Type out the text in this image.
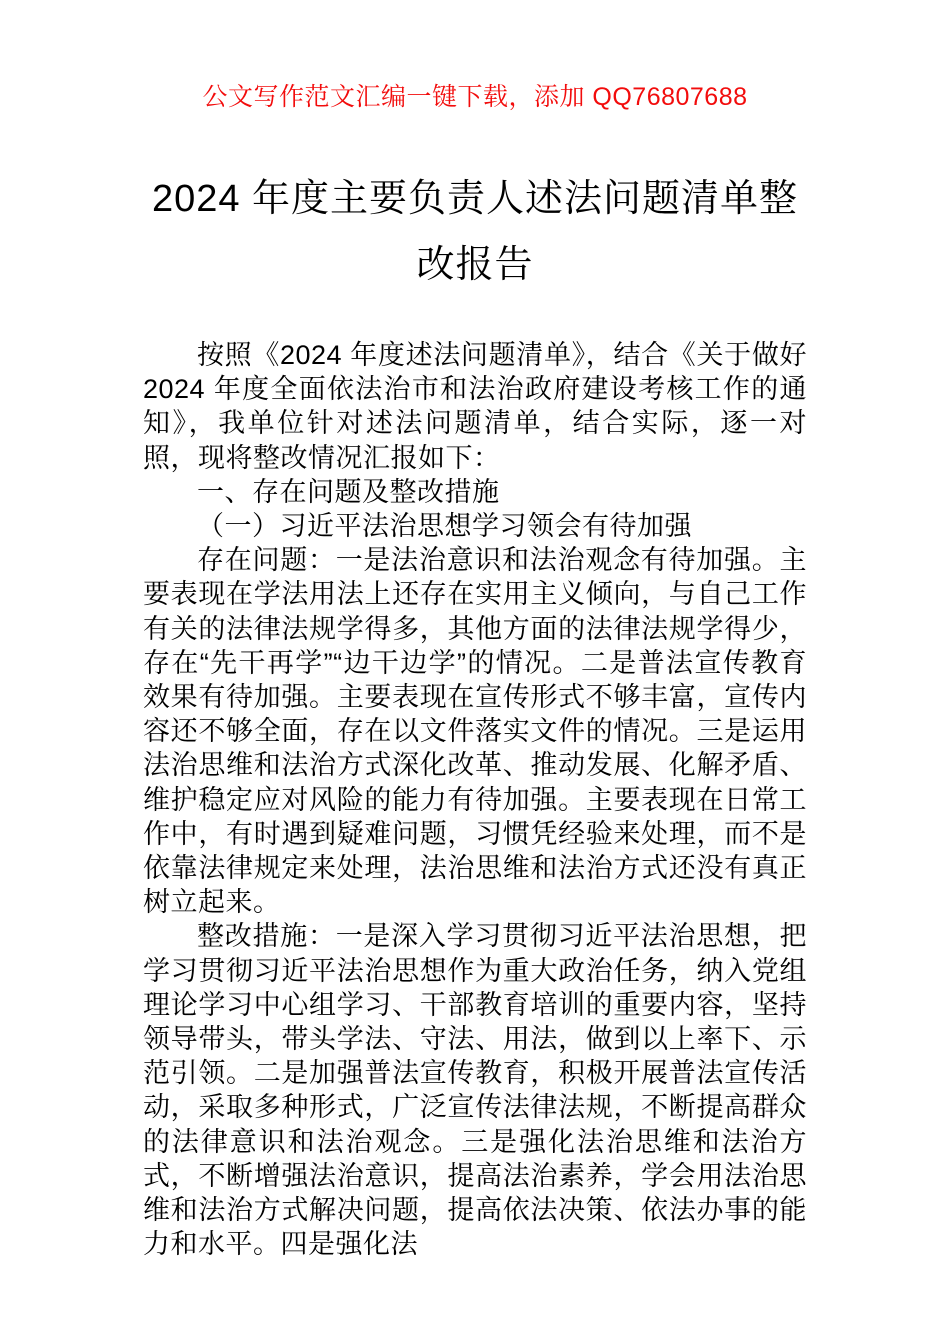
公文写作范文汇编一键下载，添加 QQ76807688
2024 年度主要负责人述法问题清单整改报告

按照《2024 年度述法问题清单》，结合《关于做好 2024 年度全面依法治市和法治政府建设考核工作的通知》，我单位针对述法问题清单，结合实际，逐一对照，现将整改情况汇报如下：

一、存在问题及整改措施

（一）习近平法治思想学习领会有待加强

存在问题：一是法治意识和法治观念有待加强。主要表现在学法用法上还存在实用主义倾向，与自己工作有关的法律法规学得多，其他方面的法律法规学得少，存在“先干再学”“边干边学”的情况。二是普法宣传教育效果有待加强。主要表现在宣传形式不够丰富，宣传内容还不够全面，存在以文件落实文件的情况。三是运用法治思维和法治方式深化改革、推动发展、化解矛盾、维护稳定应对风险的能力有待加强。主要表现在日常工作中，有时遇到疑难问题，习惯凭经验来处理，而不是依靠法律规定来处理，法治思维和法治方式还没有真正树立起来。

整改措施：一是深入学习贯彻习近平法治思想，把学习贯彻习近平法治思想作为重大政治任务，纳入党组理论学习中心组学习、干部教育培训的重要内容，坚持领导带头，带头学法、守法、用法，做到以上率下、示范引领。二是加强普法宣传教育，积极开展普法宣传活动，采取多种形式，广泛宣传法律法规，不断提高群众的法律意识和法治观念。三是强化法治思维和法治方式，不断增强法治意识，提高法治素养，学会用法治思维和法治方式解决问题，提高依法决策、依法办事的能力和水平。四是强化法
